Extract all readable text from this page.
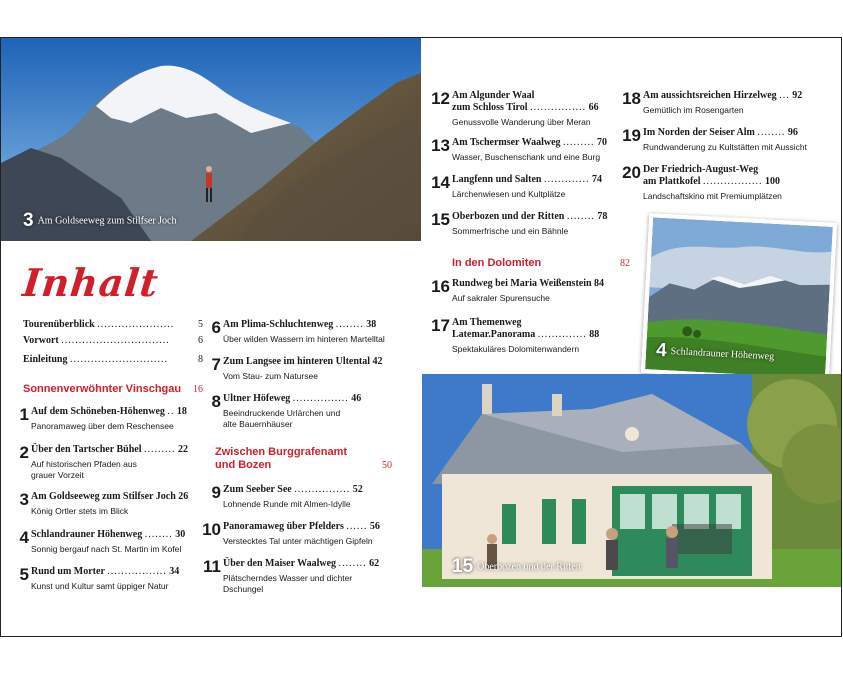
3 Am Goldseeweg zum Stilfser Joch
4 Schlandrauner Höhenweg
15 Oberbozen und der Ritten
Inhalt
Tourenüberblick ...................... 5
Vorwort ...............................	6
Einleitung ............................	8
Sonnenverwöhnter Vinschgau 16
Zwischen Burggrafenamt
und Bozen	50
In den Dolomiten	82
1 Auf dem Schöneben-Höhenweg .. 18
Panoramaweg über dem Reschensee
2 Über den Tartscher Bühel ......... 22
Auf historischen Pfaden aus
grauer Vorzeit
3 Am Goldseeweg zum Stilfser Joch 26
König Ortler stets im Blick
4 Schlandrauner Höhenweg ........ 30
Sonnig bergauf nach St. Martin im Kofel
5 Rund um Morter ................. 34
Kunst und Kultur samt üppiger Natur
6 Am Plima-Schluchtenweg ........ 38
Über wilden Wassern im hinteren Martelltal
7 Zum Langsee im hinteren Ultental 42
Vom Stau- zum Natursee
8 Ultner Höfeweg ................ 46
Beeindruckende Urlärchen und
alte Bauernhäuser
9 Zum Seeber See ................ 52
Lohnende Runde mit Almen-Idylle
10 Panoramaweg über Pfelders ...... 56
Verstecktes Tal unter mächtigen Gipfeln
11 Über den Maiser Waalweg ........ 62
Plätscherndes Wasser und dichter
Dschungel
12 Am Algunder Waal
zum Schloss Tirol ................ 66
Genussvolle Wanderung über Meran
13 Am Tschermser Waalweg ......... 70
Wasser, Buschenschank und eine Burg
14 Langfenn und Salten ............. 74
Lärchenwiesen und Kultplätze
15 Oberbozen und der Ritten ........ 78
Sommerfrische und ein Bähnle
16 Rundweg bei Maria Weißenstein 84
Auf sakraler Spurensuche
17 Am Themenweg
Latemar.Panorama .............. 88
Spektakuläres Dolomitenwandern
18 Am aussichtsreichen Hirzelweg ... 92
Gemütlich im Rosengarten
19 Im Norden der Seiser Alm ........ 96
Rundwanderung zu Kultstätten mit Aussicht
20 Der Friedrich-August-Weg
am Plattkofel ................. 100
Landschaftskino mit Premiumplätzen
